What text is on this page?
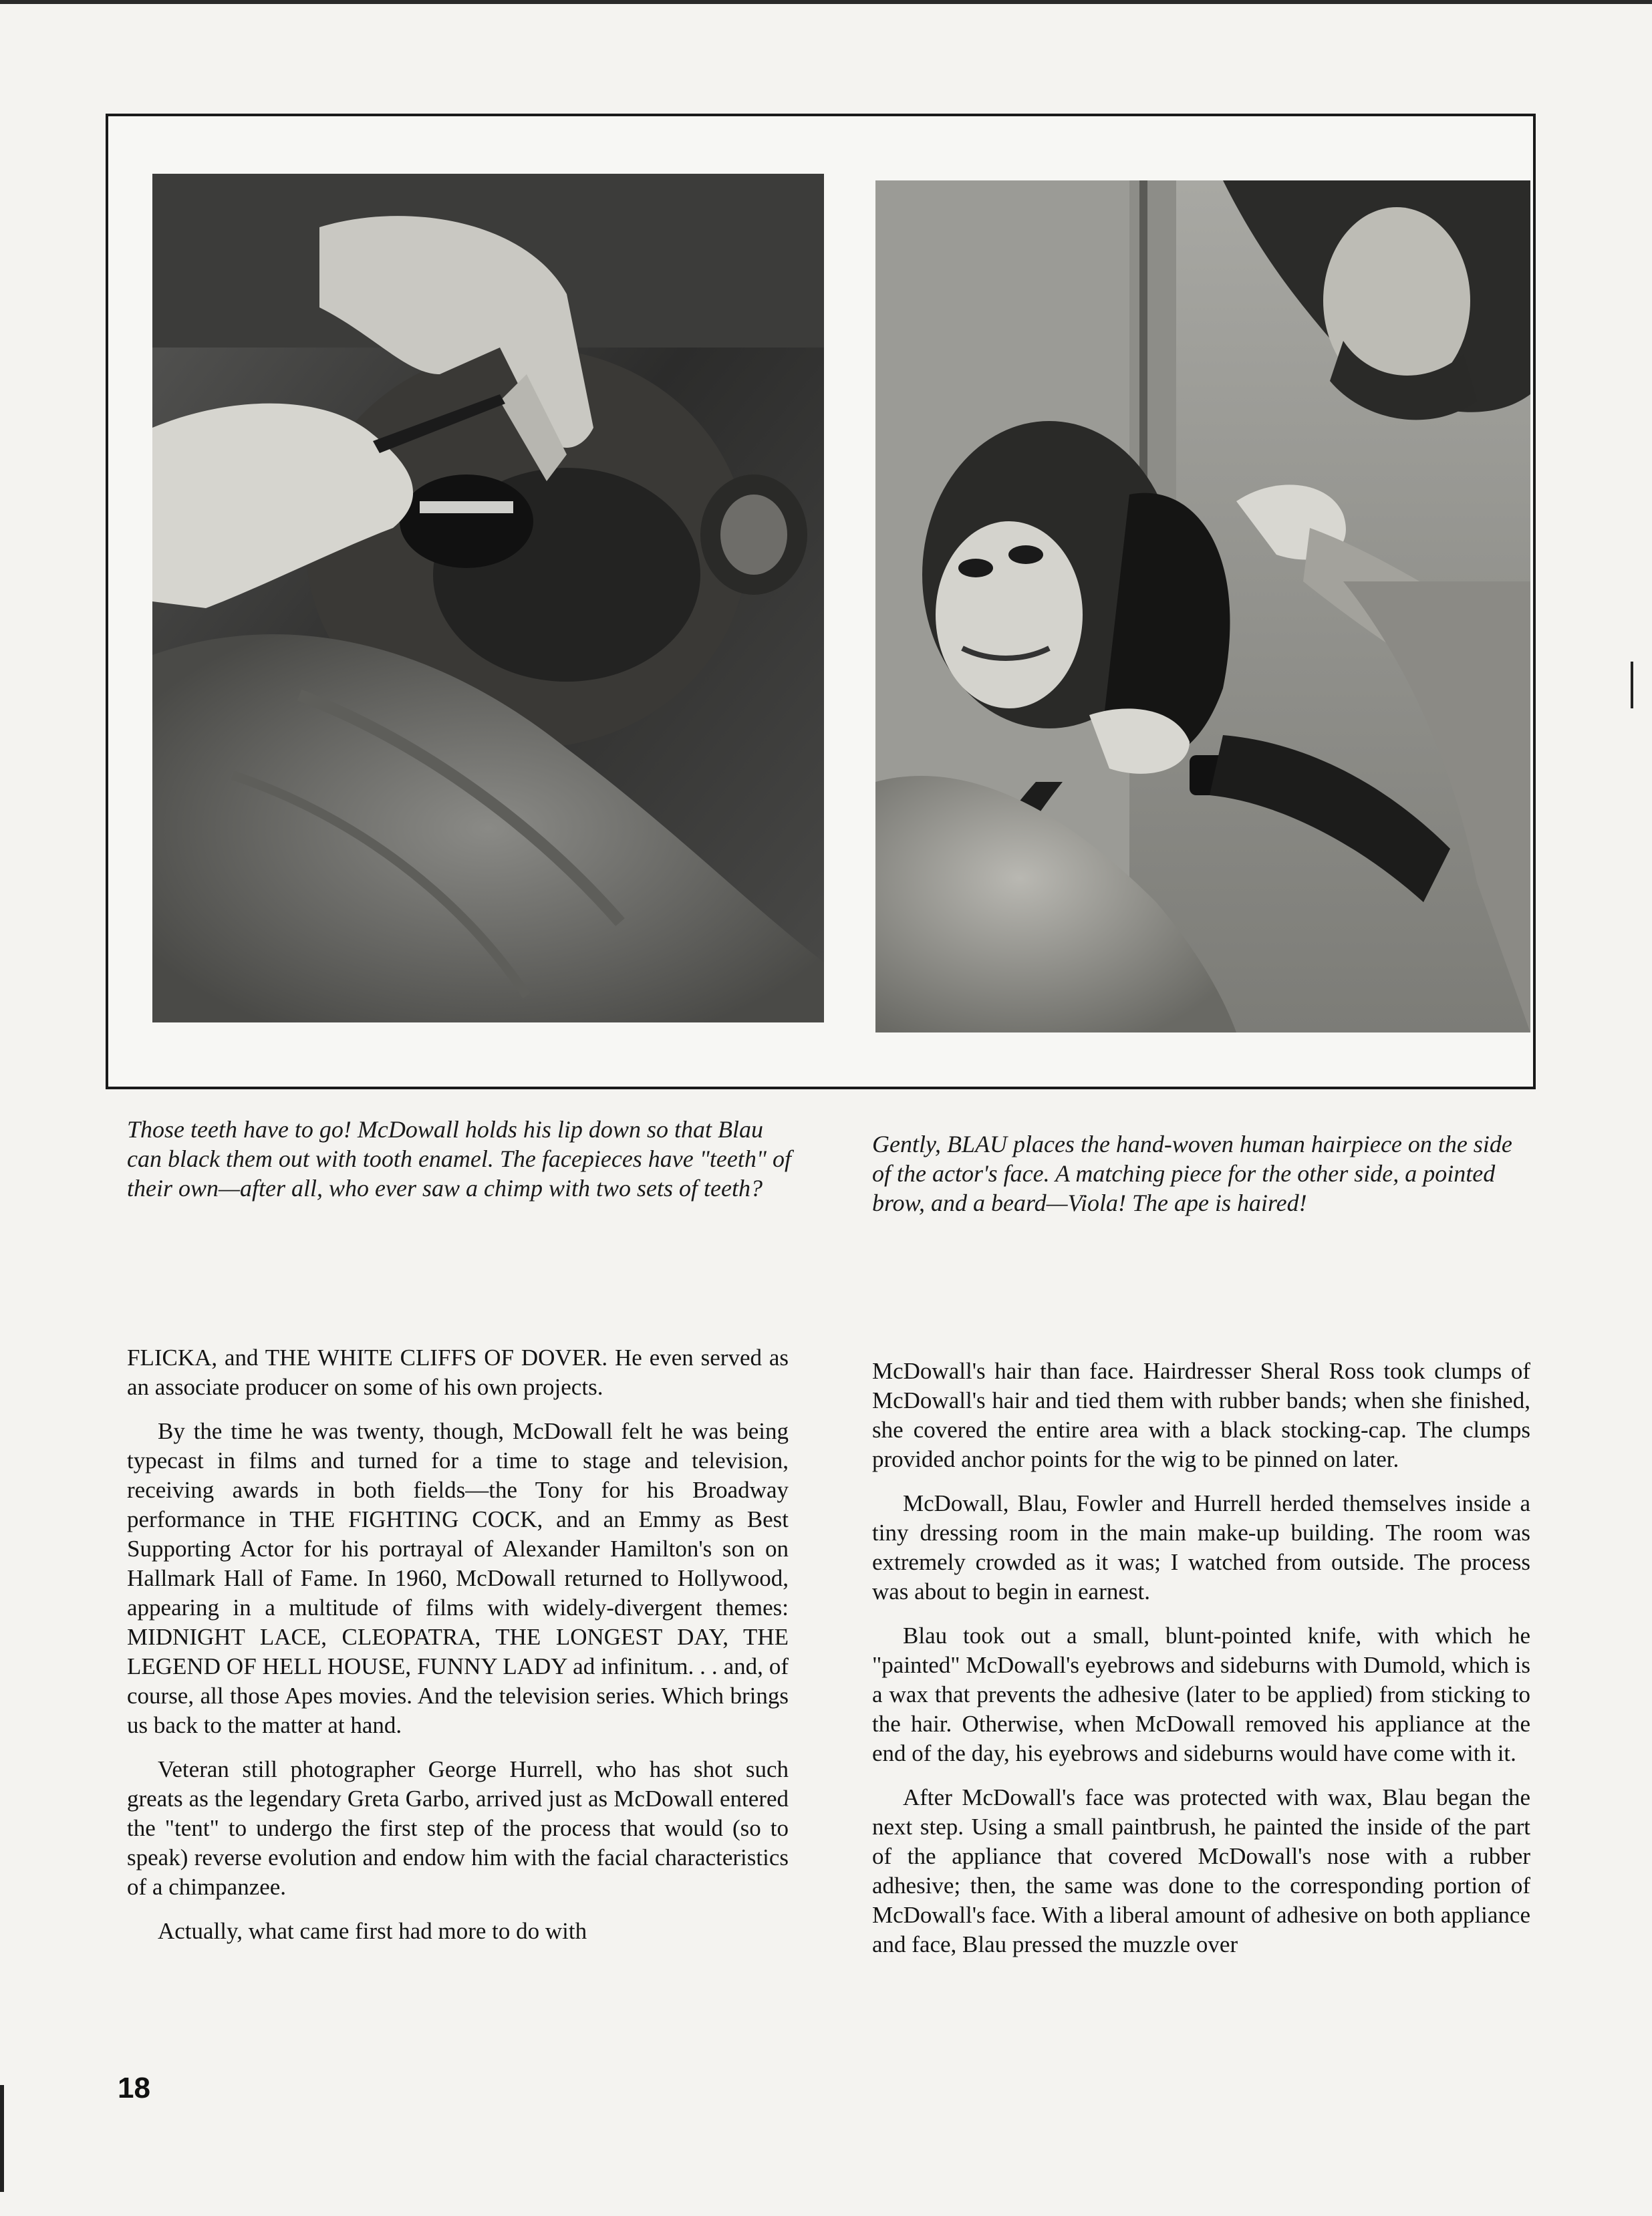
Those teeth have to go! McDowall holds his lip down so that Blau can black them out with tooth enamel. The facepieces have "teeth" of their own—after all, who ever saw a chimp with two sets of teeth?

Gently, BLAU places the hand-woven human hairpiece on the side of the actor's face. A matching piece for the other side, a pointed brow, and a beard—Viola! The ape is haired!

FLICKA, and THE WHITE CLIFFS OF DOVER. He even served as an associate producer on some of his own projects.

By the time he was twenty, though, McDowall felt he was being typecast in films and turned for a time to stage and television, receiving awards in both fields—the Tony for his Broadway performance in THE FIGHTING COCK, and an Emmy as Best Supporting Actor for his portrayal of Alexander Hamilton's son on Hallmark Hall of Fame. In 1960, McDowall returned to Hollywood, appearing in a multitude of films with widely-divergent themes: MIDNIGHT LACE, CLEOPATRA, THE LONGEST DAY, THE LEGEND OF HELL HOUSE, FUNNY LADY ad infinitum. . . and, of course, all those Apes movies. And the television series. Which brings us back to the matter at hand.

Veteran still photographer George Hurrell, who has shot such greats as the legendary Greta Garbo, arrived just as McDowall entered the "tent" to undergo the first step of the process that would (so to speak) reverse evolution and endow him with the facial characteristics of a chimpanzee.

Actually, what came first had more to do with

McDowall's hair than face. Hairdresser Sheral Ross took clumps of McDowall's hair and tied them with rubber bands; when she finished, she covered the entire area with a black stocking-cap. The clumps provided anchor points for the wig to be pinned on later.

McDowall, Blau, Fowler and Hurrell herded themselves inside a tiny dressing room in the main make-up building. The room was extremely crowded as it was; I watched from outside. The process was about to begin in earnest.

Blau took out a small, blunt-pointed knife, with which he "painted" McDowall's eyebrows and sideburns with Dumold, which is a wax that prevents the adhesive (later to be applied) from sticking to the hair. Otherwise, when McDowall removed his appliance at the end of the day, his eyebrows and sideburns would have come with it.

After McDowall's face was protected with wax, Blau began the next step. Using a small paintbrush, he painted the inside of the part of the appliance that covered McDowall's nose with a rubber adhesive; then, the same was done to the corresponding portion of McDowall's face. With a liberal amount of adhesive on both appliance and face, Blau pressed the muzzle over

18
